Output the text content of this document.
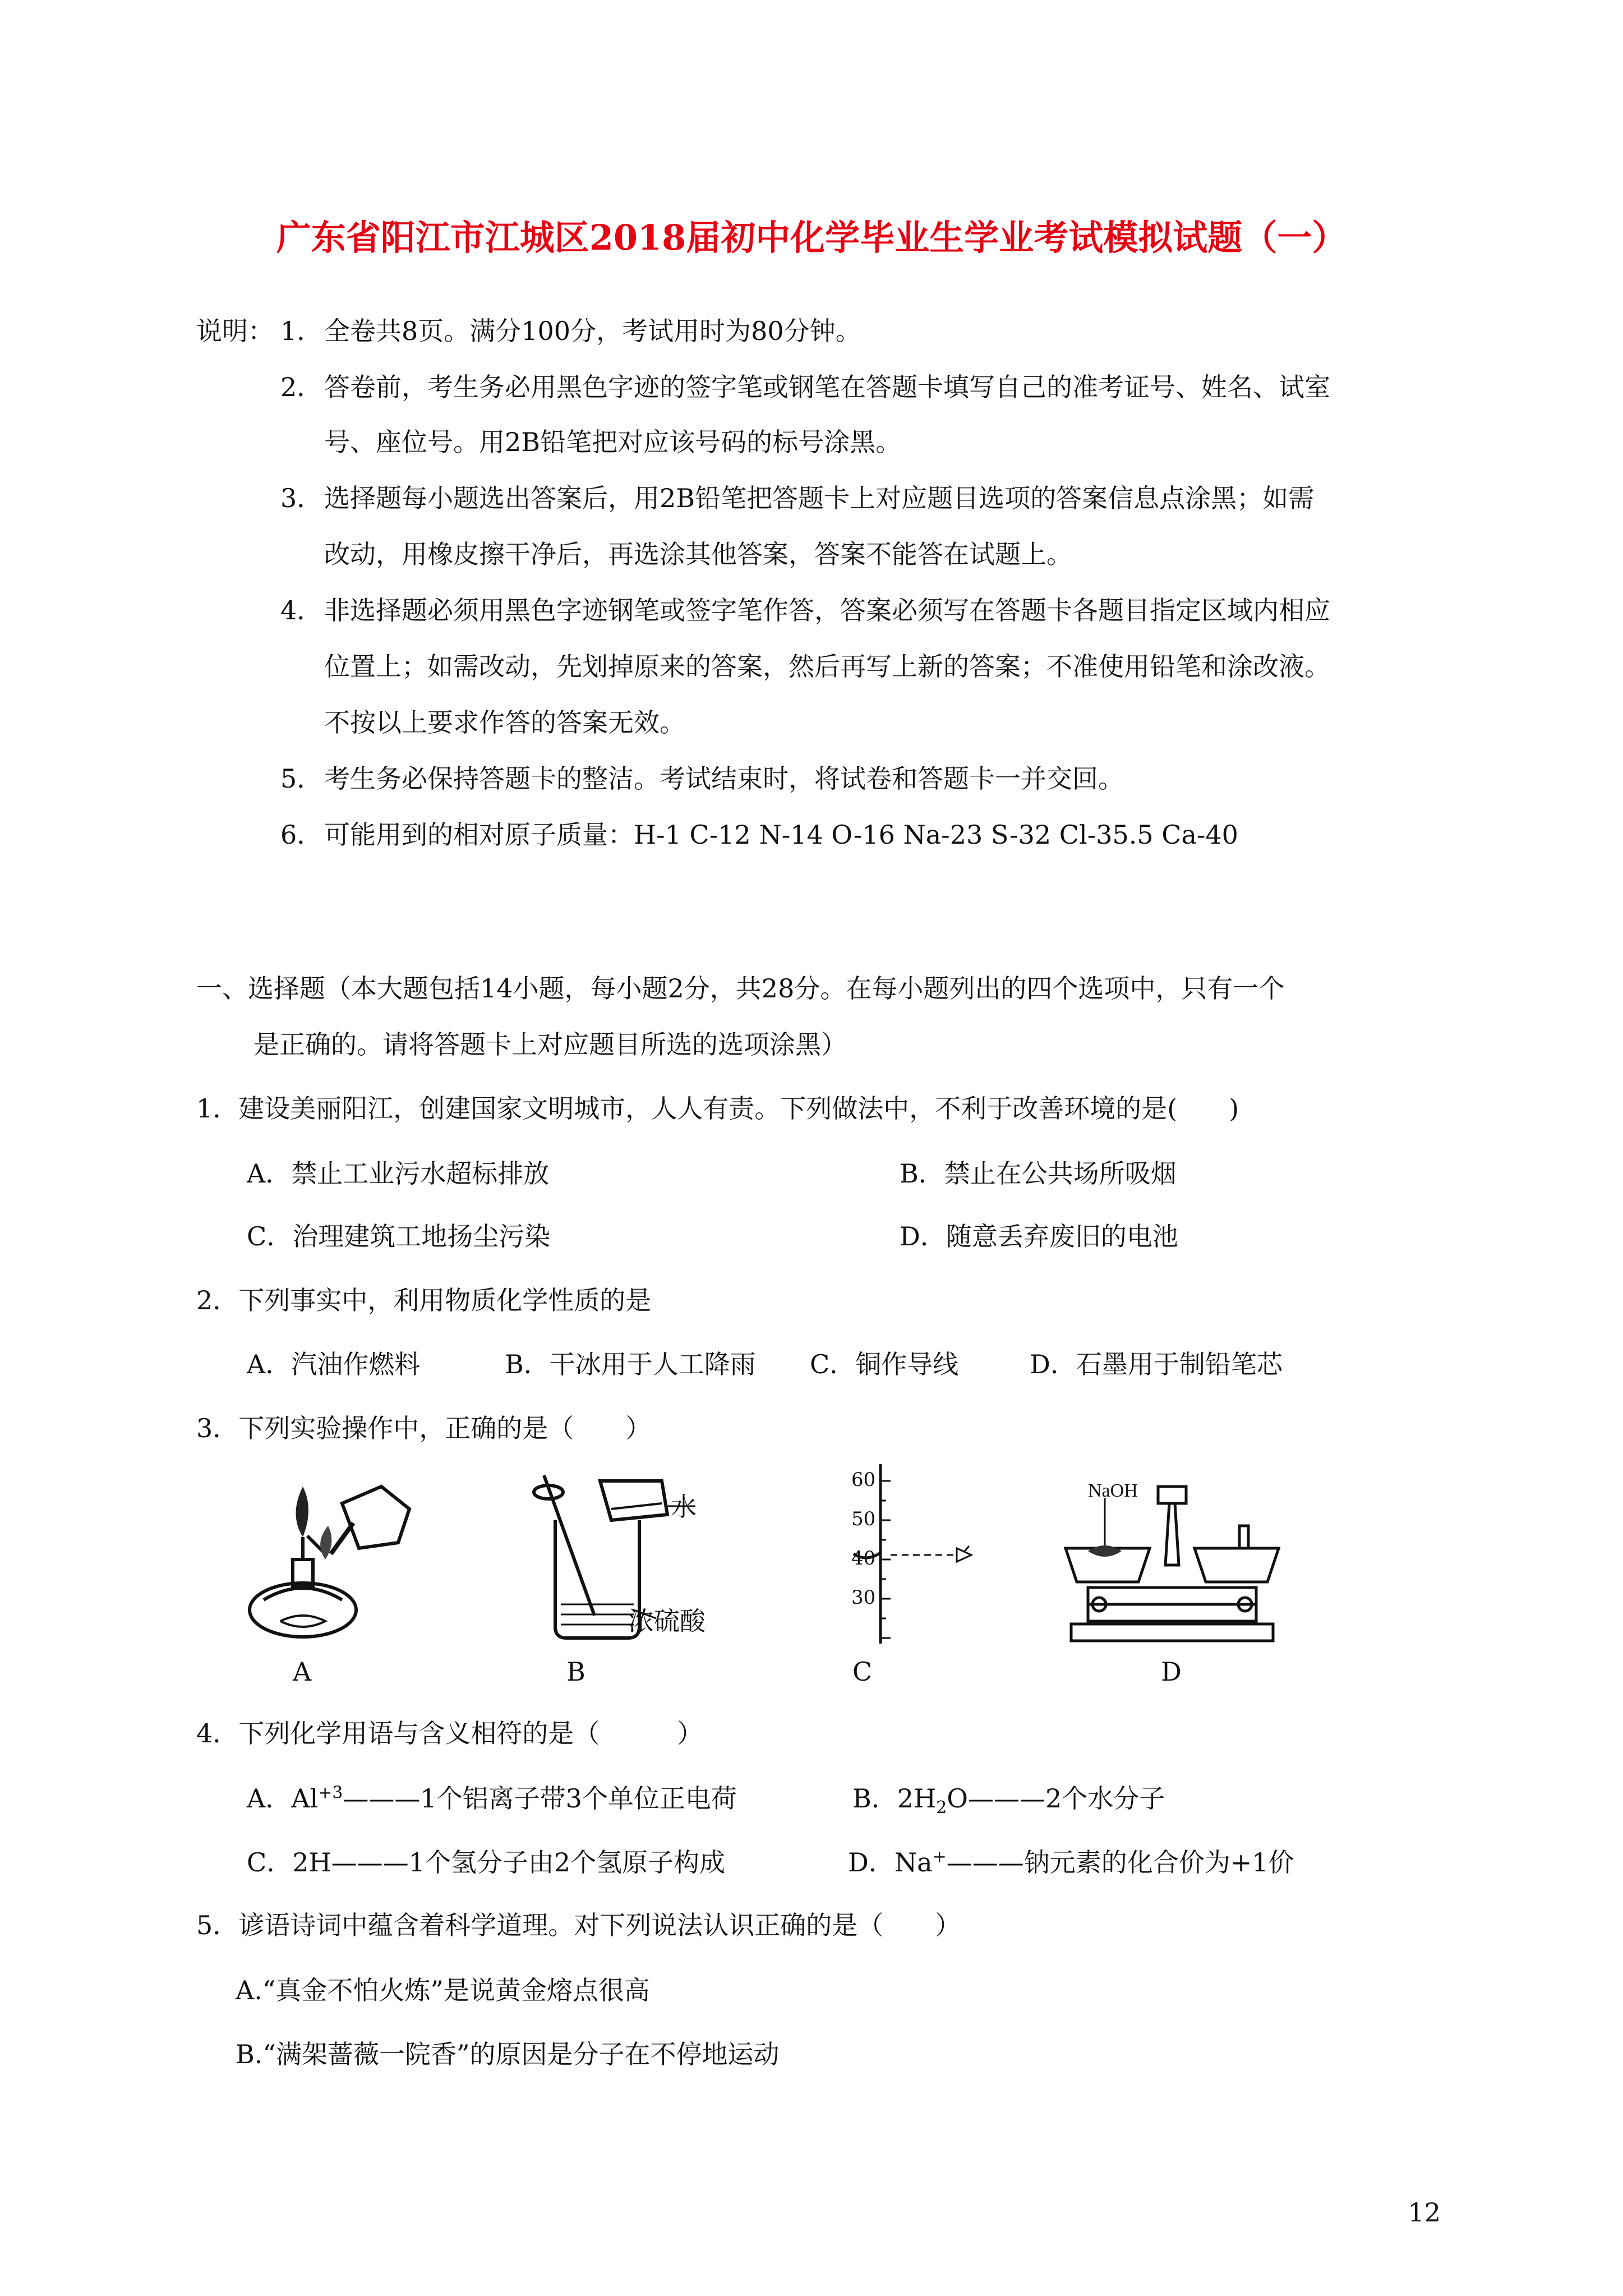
广东省阳江市江城区2018届初中化学毕业生学业考试模拟试题（一）
说明： 1． 全卷共8页。满分100分，考试用时为80分钟。
2． 答卷前，考生务必用黑色字迹的签字笔或钢笔在答题卡填写自己的准考证号、姓名、试室
号、座位号。用2B铅笔把对应该号码的标号涂黑。
3． 选择题每小题选出答案后，用2B铅笔把答题卡上对应题目选项的答案信息点涂黑；如需
改动，用橡皮擦干净后，再选涂其他答案，答案不能答在试题上。
4． 非选择题必须用黑色字迹钢笔或签字笔作答，答案必须写在答题卡各题目指定区域内相应
位置上；如需改动，先划掉原来的答案，然后再写上新的答案；不准使用铅笔和涂改液。
不按以上要求作答的答案无效。
5． 考生务必保持答题卡的整洁。考试结束时，将试卷和答题卡一并交回。
6． 可能用到的相对原子质量：H-1 C-12 N-14 O-16 Na-23 S-32 Cl-35.5 Ca-40
一、选择题（本大题包括14小题，每小题2分，共28分。在每小题列出的四个选项中，只有一个
是正确的。请将答题卡上对应题目所选的选项涂黑）
1．建设美丽阳江，创建国家文明城市，人人有责。下列做法中，不利于改善环境的是(　　)
A．禁止工业污水超标排放	B．禁止在公共场所吸烟
C．治理建筑工地扬尘污染	D．随意丢弃废旧的电池
2．下列事实中，利用物质化学性质的是
A．汽油作燃料	B．干冰用于人工降雨 C．铜作导线	D．石墨用于制铅笔芯
3．下列实验操作中，正确的是（　　）
A
水
浓硫酸
B
60
50
40
30
C
NaOH
D
4．下列化学用语与含义相符的是（　　　）
A．$Al^{+3}———1$个铝离子带3个单位正电荷	B．$2H_2O———2$个水分子
C．2H———1个氢分子由2个氢原子构成	D．Na+———钠元素的化合价为+1价
5．谚语诗词中蕴含着科学道理。对下列说法认识正确的是（　　）
A.“真金不怕火炼”是说黄金熔点很高
B.“满架蔷薇一院香”的原因是分子在不停地运动
12
